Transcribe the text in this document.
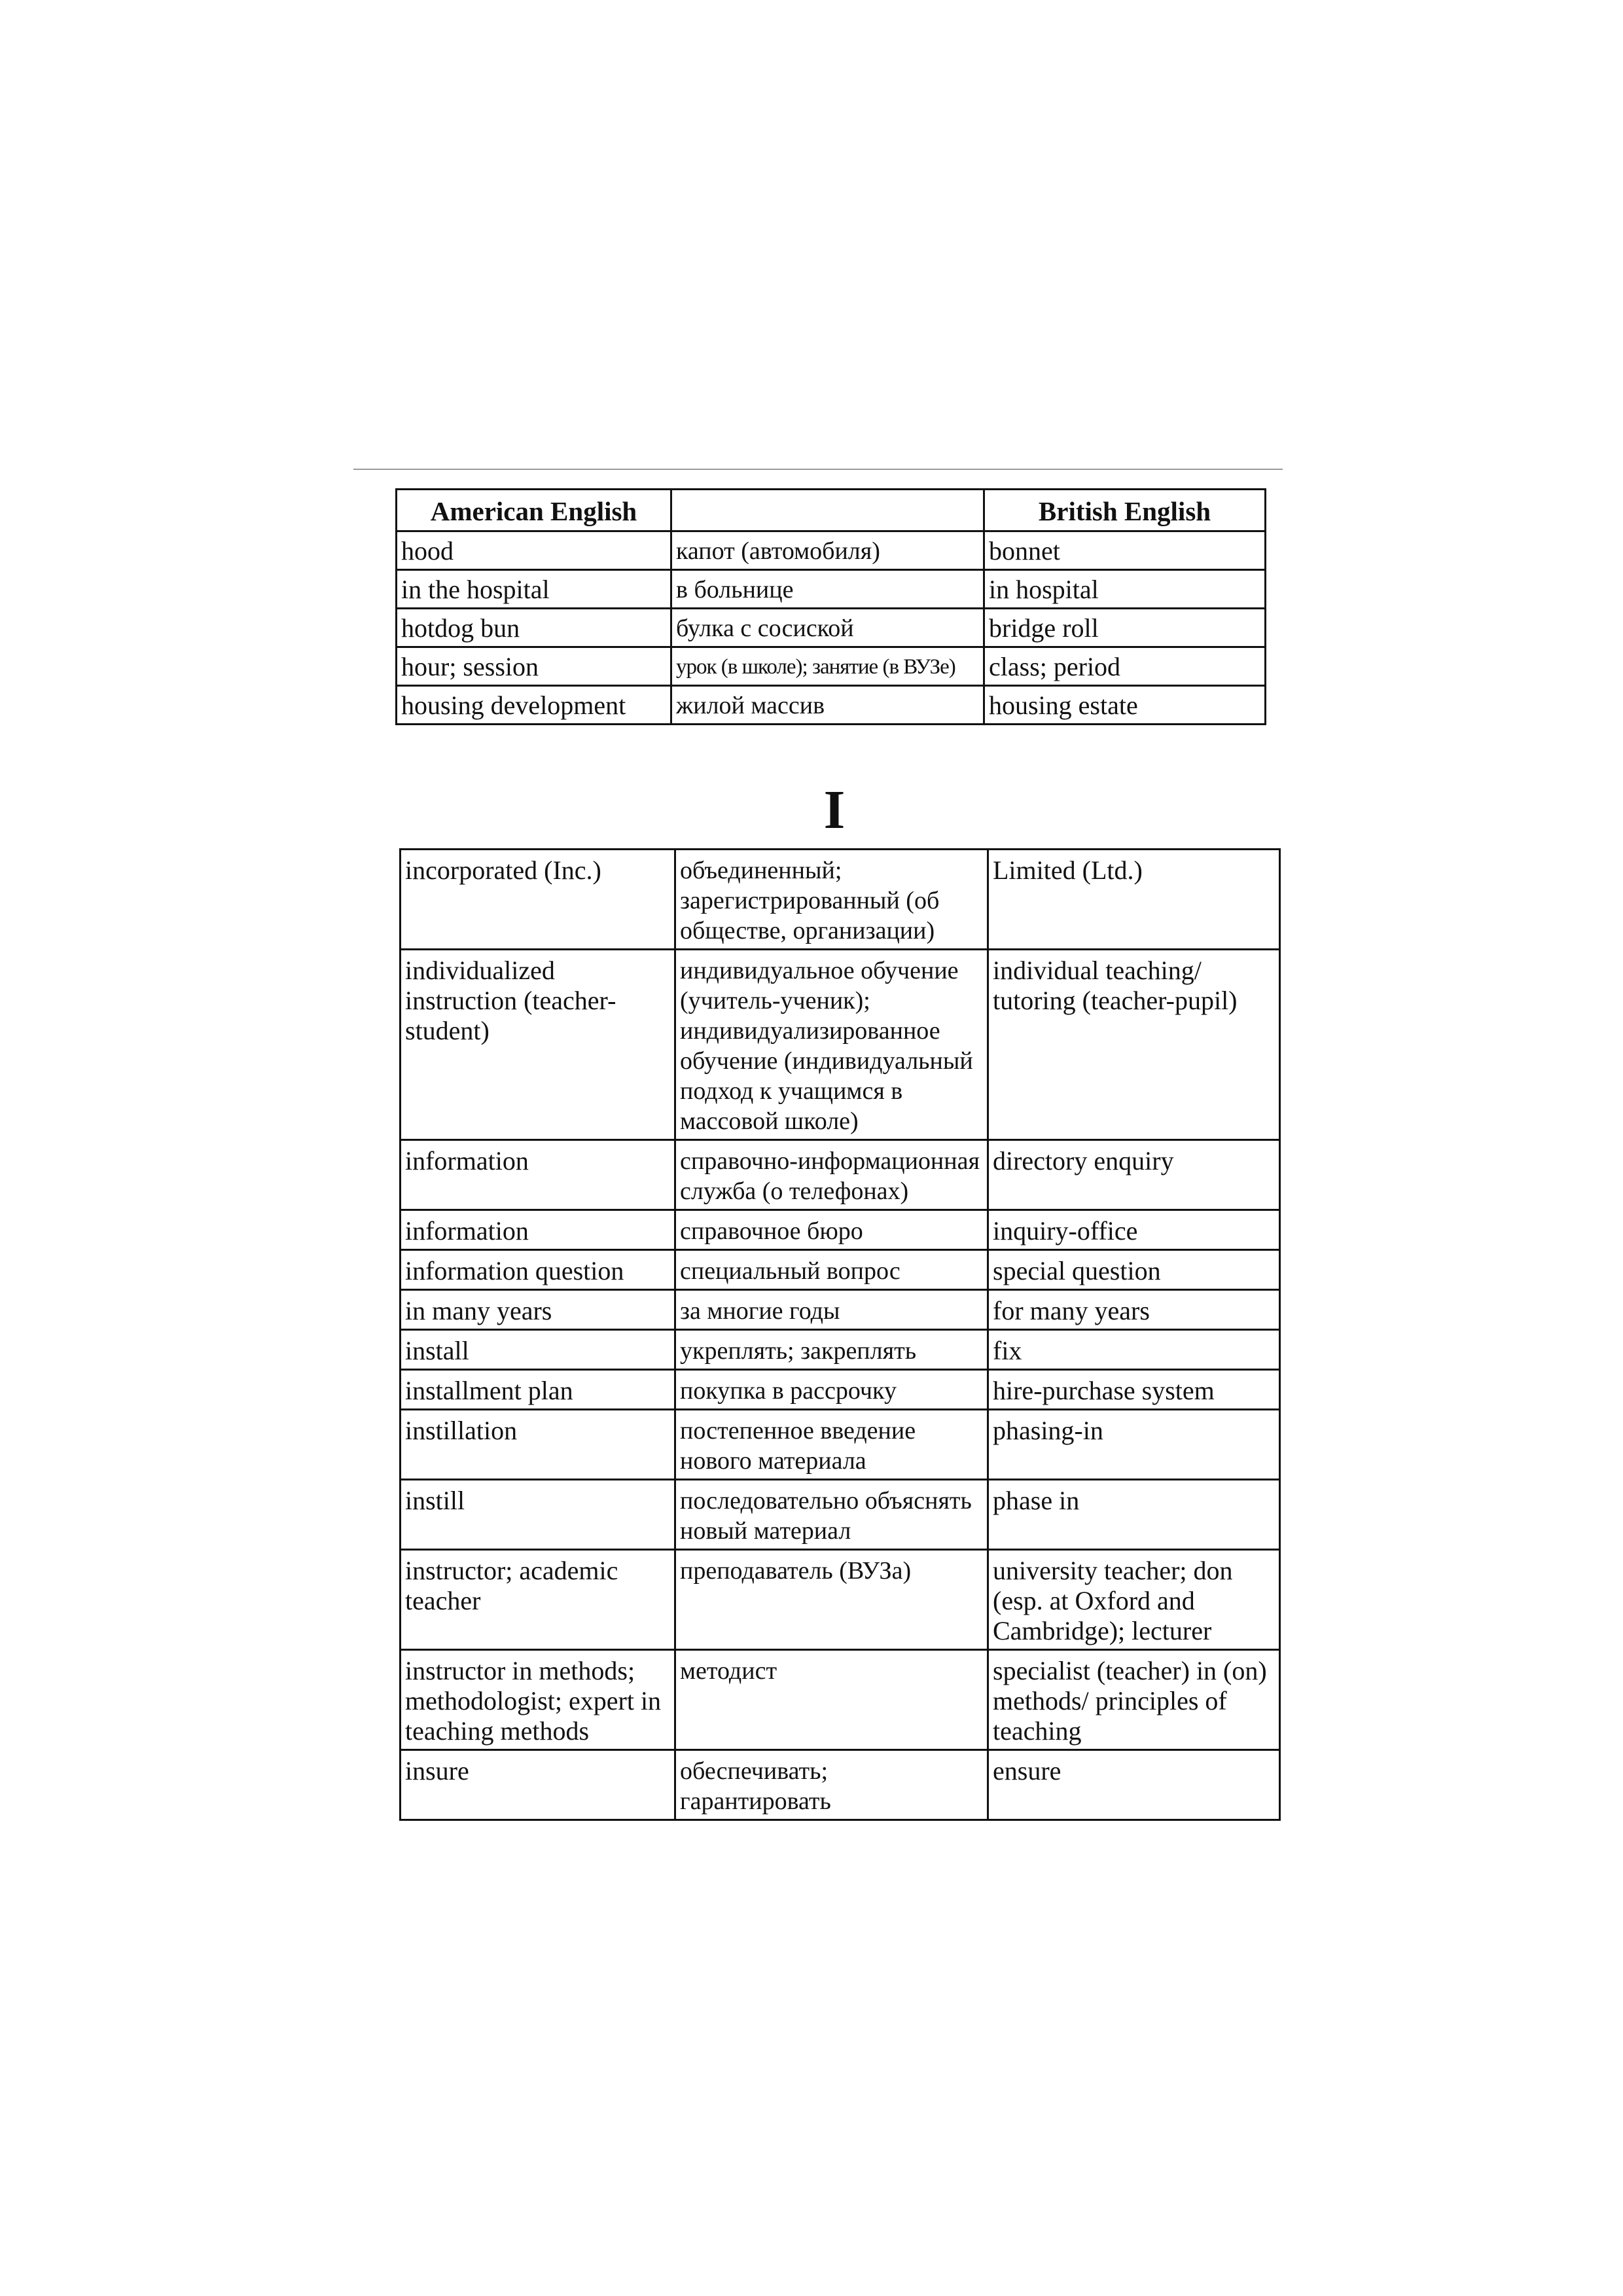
American English		British English
hood	капот (автомобиля)	bonnet
in the hospital	в больнице	in hospital
hotdog bun	булка с сосиской	bridge roll
hour; session	урок (в школе); занятие (в ВУЗе)	class; period
housing development	жилой массив	housing estate
I
incorporated (Inc.)	объединенный; зарегистрированный (об обществе, организации)	Limited (Ltd.)
individualized instruction (teacher-student)	индивидуальное обучение (учитель-ученик); индивидуализированное обучение (индивидуальный подход к учащимся в массовой школе)	individual teaching/ tutoring (teacher-pupil)
information	справочно-информационная служба (о телефонах)	directory enquiry
information	справочное бюро	inquiry-office
information question	специальный вопрос	special question
in many years	за многие годы	for many years
install	укреплять; закреплять	fix
installment plan	покупка в рассрочку	hire-purchase system
instillation	постепенное введение нового материала	phasing-in
instill	последовательно объяснять новый материал	phase in
instructor; academic teacher	преподаватель (ВУЗа)	university teacher; don (esp. at Oxford and Cambridge); lecturer
instructor in methods; methodologist; expert in teaching methods	методист	specialist (teacher) in (on) methods/ principles of teaching
insure	обеспечивать; гарантировать	ensure
